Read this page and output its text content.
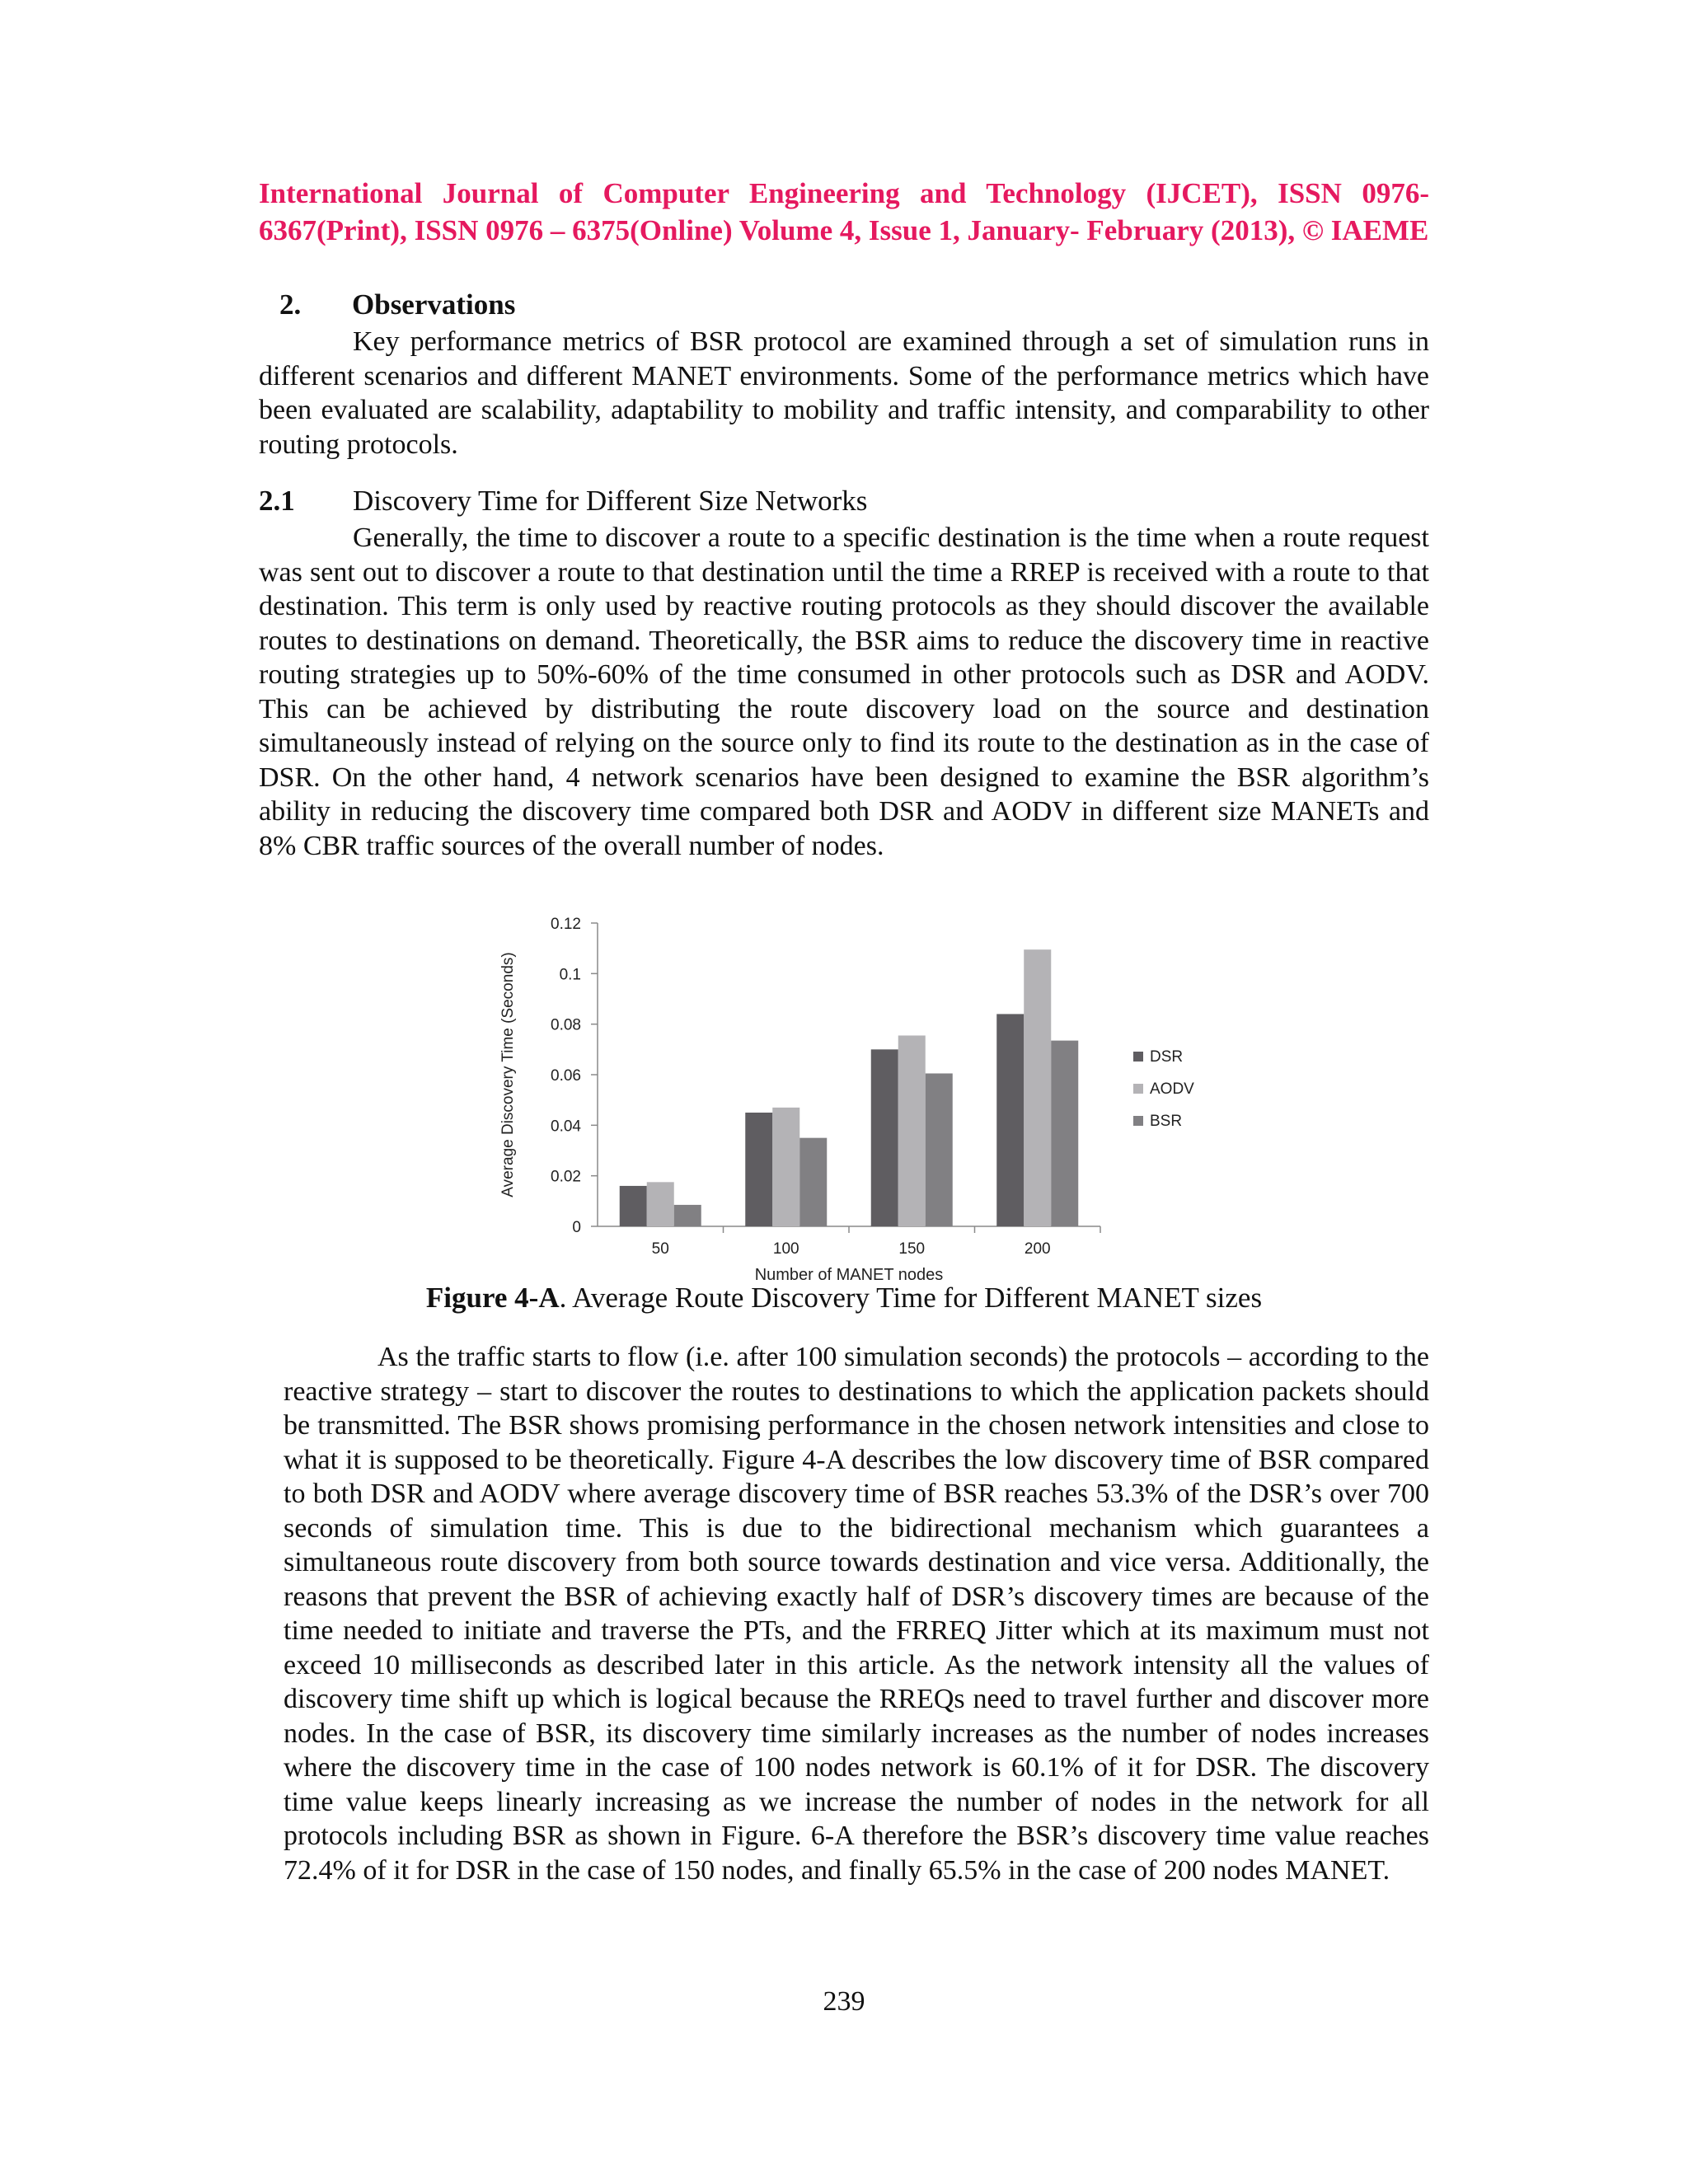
International Journal of Computer Engineering and Technology (IJCET), ISSN 0976-6367(Print), ISSN 0976 – 6375(Online) Volume 4, Issue 1, January- February (2013), © IAEME

2. Observations

Key performance metrics of BSR protocol are examined through a set of simulation runs in different scenarios and different MANET environments. Some of the performance metrics which have been evaluated are scalability, adaptability to mobility and traffic intensity, and comparability to other routing protocols.

2.1 Discovery Time for Different Size Networks

Generally, the time to discover a route to a specific destination is the time when a route request was sent out to discover a route to that destination until the time a RREP is received with a route to that destination. This term is only used by reactive routing protocols as they should discover the available routes to destinations on demand. Theoretically, the BSR aims to reduce the discovery time in reactive routing strategies up to 50%-60% of the time consumed in other protocols such as DSR and AODV. This can be achieved by distributing the route discovery load on the source and destination simultaneously instead of relying on the source only to find its route to the destination as in the case of DSR. On the other hand, 4 network scenarios have been designed to examine the BSR algorithm’s ability in reducing the discovery time compared both DSR and AODV in different size MANETs and 8% CBR traffic sources of the overall number of nodes.

0
0.02
0.04
0.06
0.08
0.1
0.12
50	100	150	200
Number of MANET nodes
Average Discovery Time (Seconds)	DSR
AODV
BSR

Figure 4-A. Average Route Discovery Time for Different MANET sizes

As the traffic starts to flow (i.e. after 100 simulation seconds) the protocols – according to the reactive strategy – start to discover the routes to destinations to which the application packets should be transmitted. The BSR shows promising performance in the chosen network intensities and close to what it is supposed to be theoretically. Figure 4-A describes the low discovery time of BSR compared to both DSR and AODV where average discovery time of BSR reaches 53.3% of the DSR’s over 700 seconds of simulation time. This is due to the bidirectional mechanism which guarantees a simultaneous route discovery from both source towards destination and vice versa. Additionally, the reasons that prevent the BSR of achieving exactly half of DSR’s discovery times are because of the time needed to initiate and traverse the PTs, and the FRREQ Jitter which at its maximum must not exceed 10 milliseconds as described later in this article. As the network intensity all the values of discovery time shift up which is logical because the RREQs need to travel further and discover more nodes. In the case of BSR, its discovery time similarly increases as the number of nodes increases where the discovery time in the case of 100 nodes network is 60.1% of it for DSR. The discovery time value keeps linearly increasing as we increase the number of nodes in the network for all protocols including BSR as shown in Figure. 6-A therefore the BSR’s discovery time value reaches 72.4% of it for DSR in the case of 150 nodes, and finally 65.5% in the case of 200 nodes MANET.

239
